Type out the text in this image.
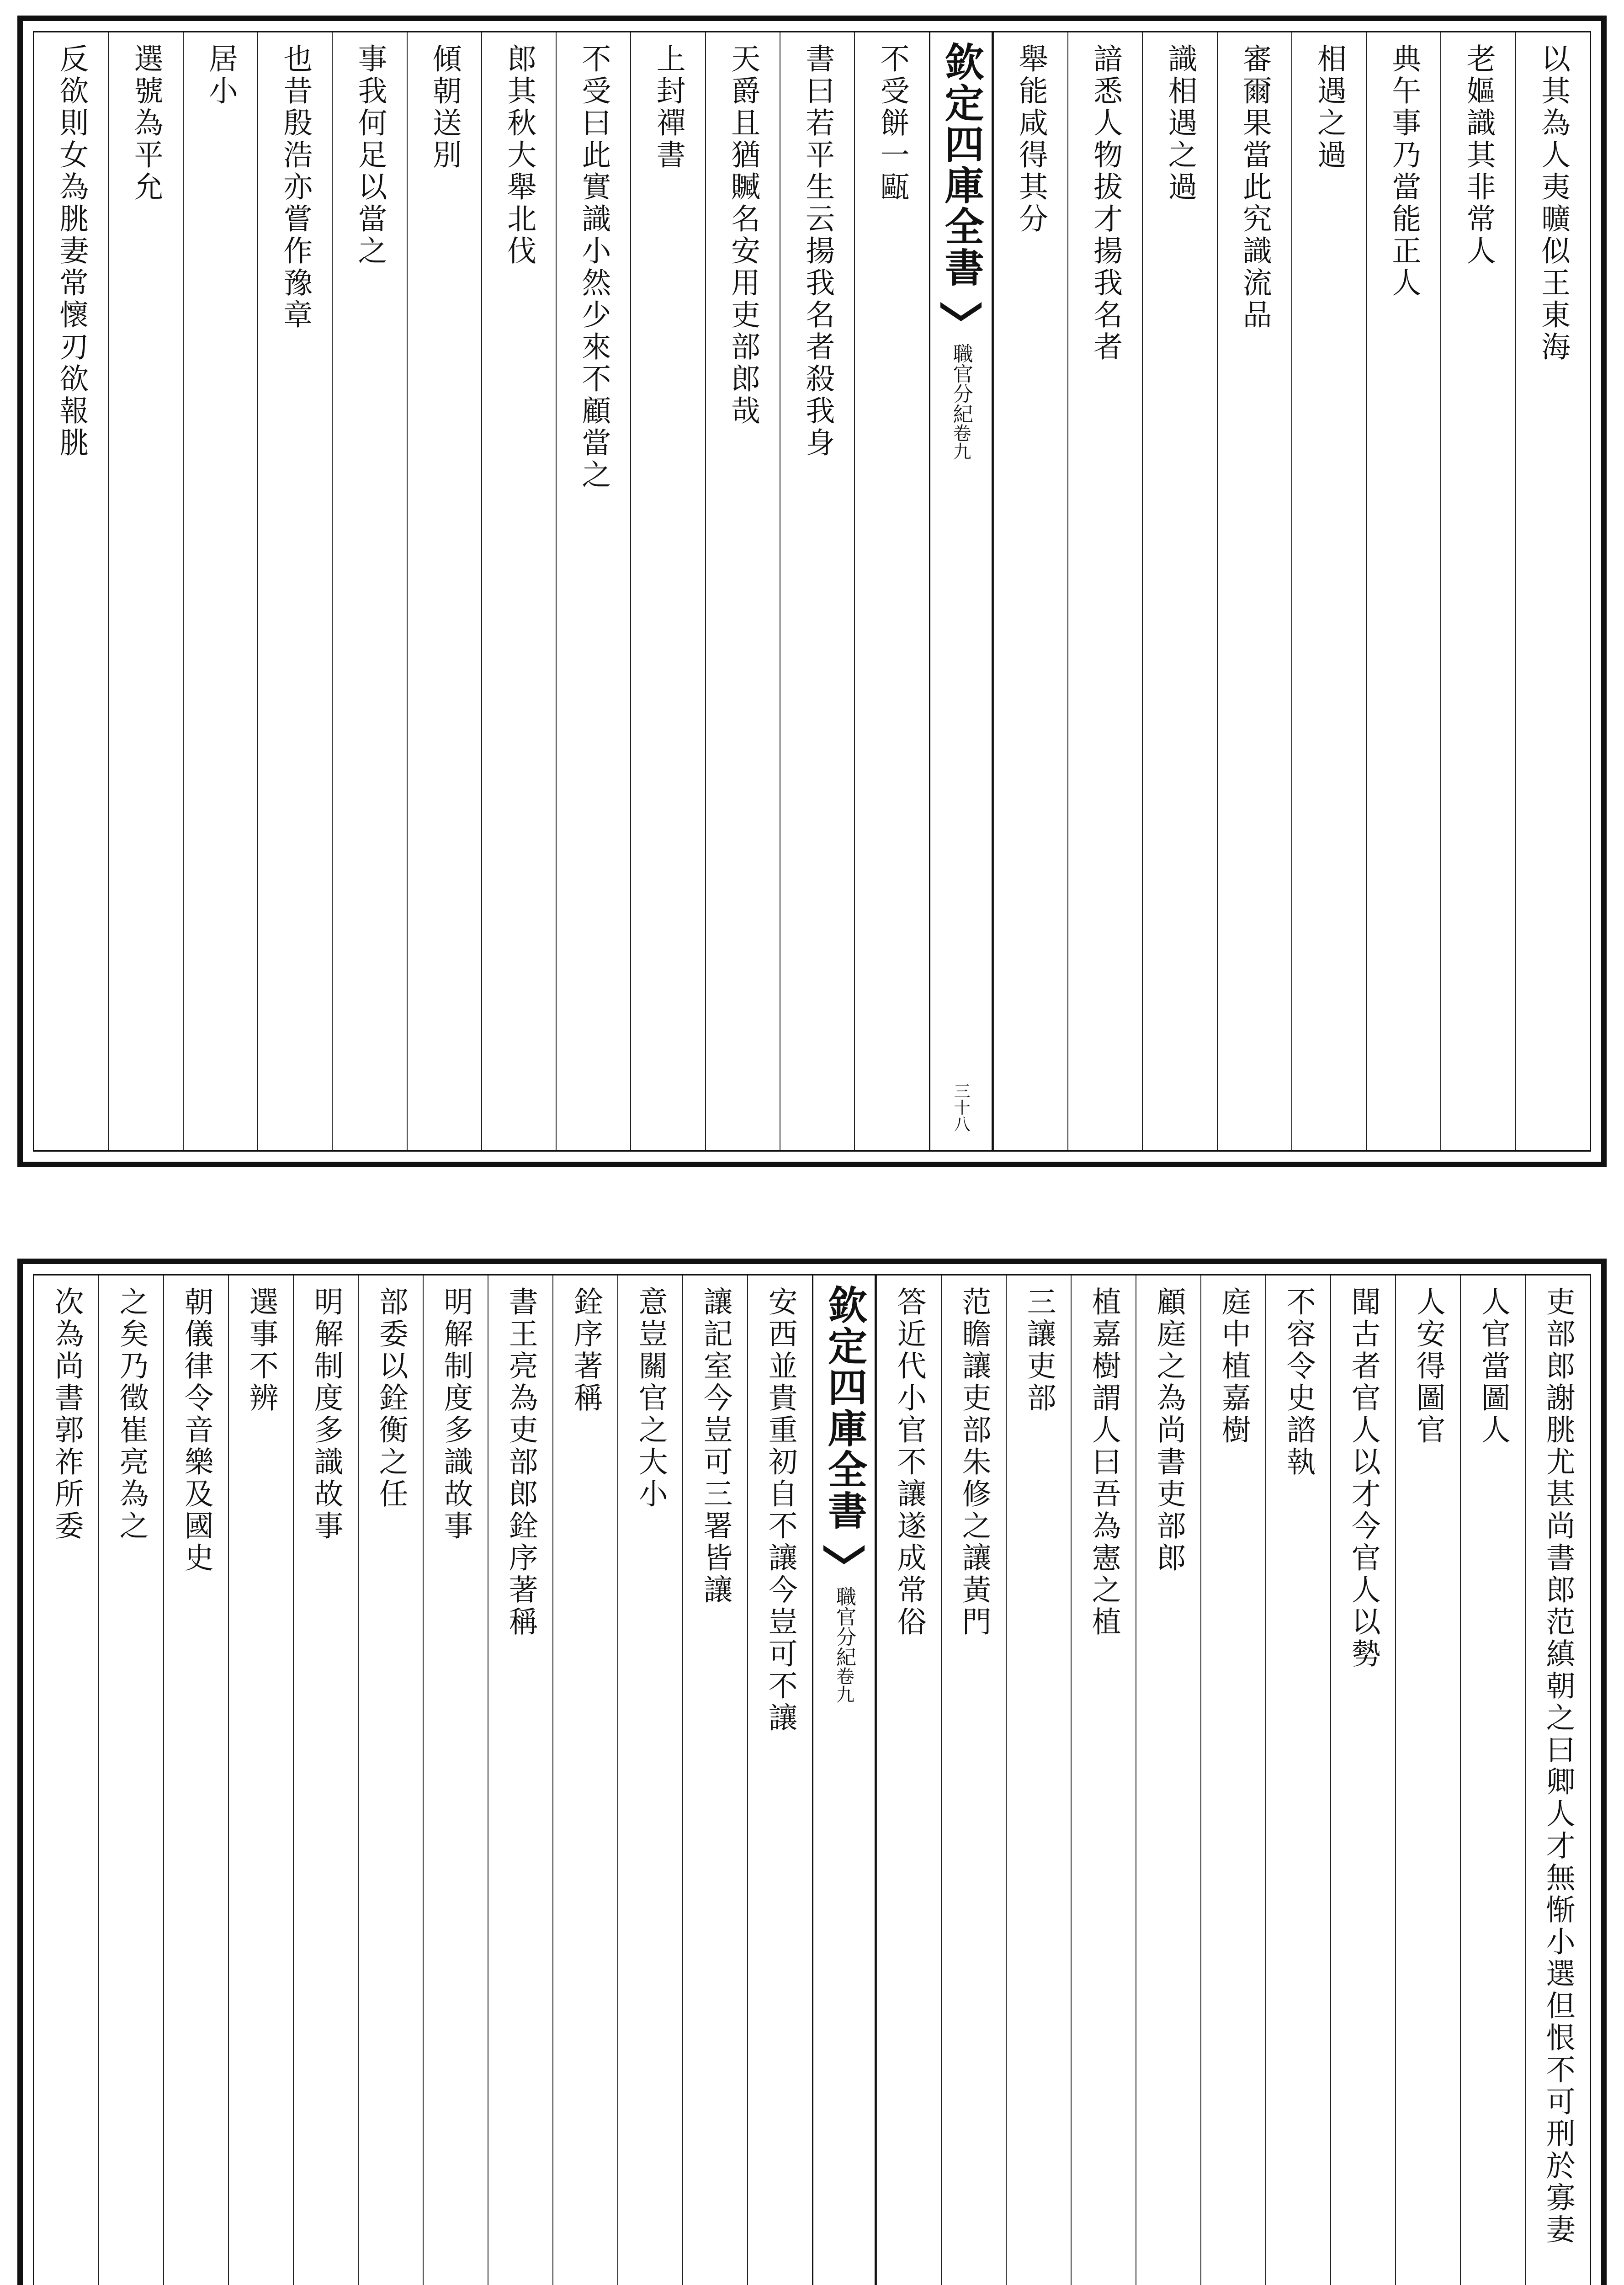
以其為人夷曠似王東海
老嫗識其非常人
典午事乃當能正人
相遇之過
審爾果當此究識流品
識相遇之過
諳悉人物拔才揚我名者
舉能咸得其分
欽定四庫全書
職官分紀
卷九
三十八
不受餅一甌
書曰若平生云揚我名者殺我身
天爵且猶贓名安用吏部郎哉
上封禪書
不受曰此實識小然少來不顧當之
郎其秋大舉北伐
傾朝送別
事我何足以當之
也昔殷浩亦嘗作豫章
居小
選號為平允
反欲則女為朓妻常懷刃欲報朓
吏部郎謝朓尤甚尚書郎范縝朝之曰卿人才無惭小選但恨不可刑於寡妻
人官當圖人
人安得圖官
聞古者官人以才今官人以勢
不容令史諮執
庭中植嘉樹
顧庭之為尚書吏部郎
植嘉樹謂人曰吾為憲之植
三讓吏部
范瞻讓吏部朱修之讓黃門
答近代小官不讓遂成常俗
欽定四庫全書
職官分紀
卷九
安西並貴重初自不讓今豈可不讓
讓記室今豈可三署皆讓
意豈關官之大小
銓序著稱
書王亮為吏部郎銓序著稱
明解制度多識故事
部委以銓衡之任
明解制度多識故事
選事不辨
朝儀律令音樂及國史
之矣乃徵崔亮為之
次為尚書郭祚所委
